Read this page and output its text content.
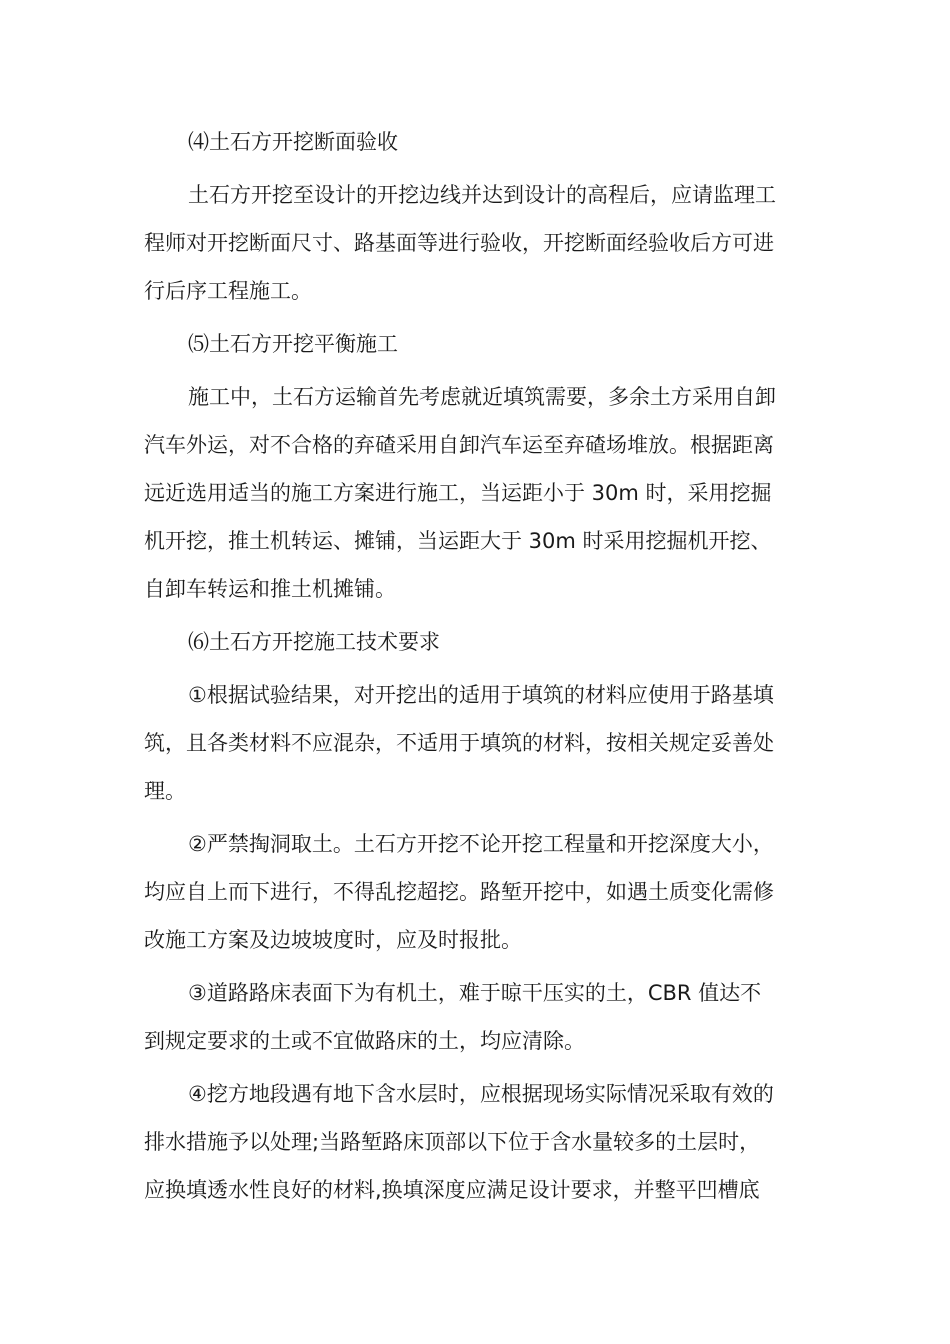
⑷土石方开挖断面验收
土石方开挖至设计的开挖边线并达到设计的高程后，应请监理工
程师对开挖断面尺寸、路基面等进行验收，开挖断面经验收后方可进
行后序工程施工。
⑸土石方开挖平衡施工
施工中，土石方运输首先考虑就近填筑需要，多余土方采用自卸
汽车外运，对不合格的弃碴采用自卸汽车运至弃碴场堆放。根据距离
远近选用适当的施工方案进行施工，当运距小于 30m 时，采用挖掘
机开挖，推土机转运、摊铺，当运距大于 30m 时采用挖掘机开挖、
自卸车转运和推土机摊铺。
⑹土石方开挖施工技术要求
①根据试验结果，对开挖出的适用于填筑的材料应使用于路基填
筑，且各类材料不应混杂，不适用于填筑的材料，按相关规定妥善处
理。
②严禁掏洞取土。土石方开挖不论开挖工程量和开挖深度大小，
均应自上而下进行，不得乱挖超挖。路堑开挖中，如遇土质变化需修
改施工方案及边坡坡度时，应及时报批。
③道路路床表面下为有机土，难于晾干压实的土，CBR 值达不
到规定要求的土或不宜做路床的土，均应清除。
④挖方地段遇有地下含水层时，应根据现场实际情况采取有效的
排水措施予以处理;当路堑路床顶部以下位于含水量较多的土层时，
应换填透水性良好的材料,换填深度应满足设计要求，并整平凹槽底
